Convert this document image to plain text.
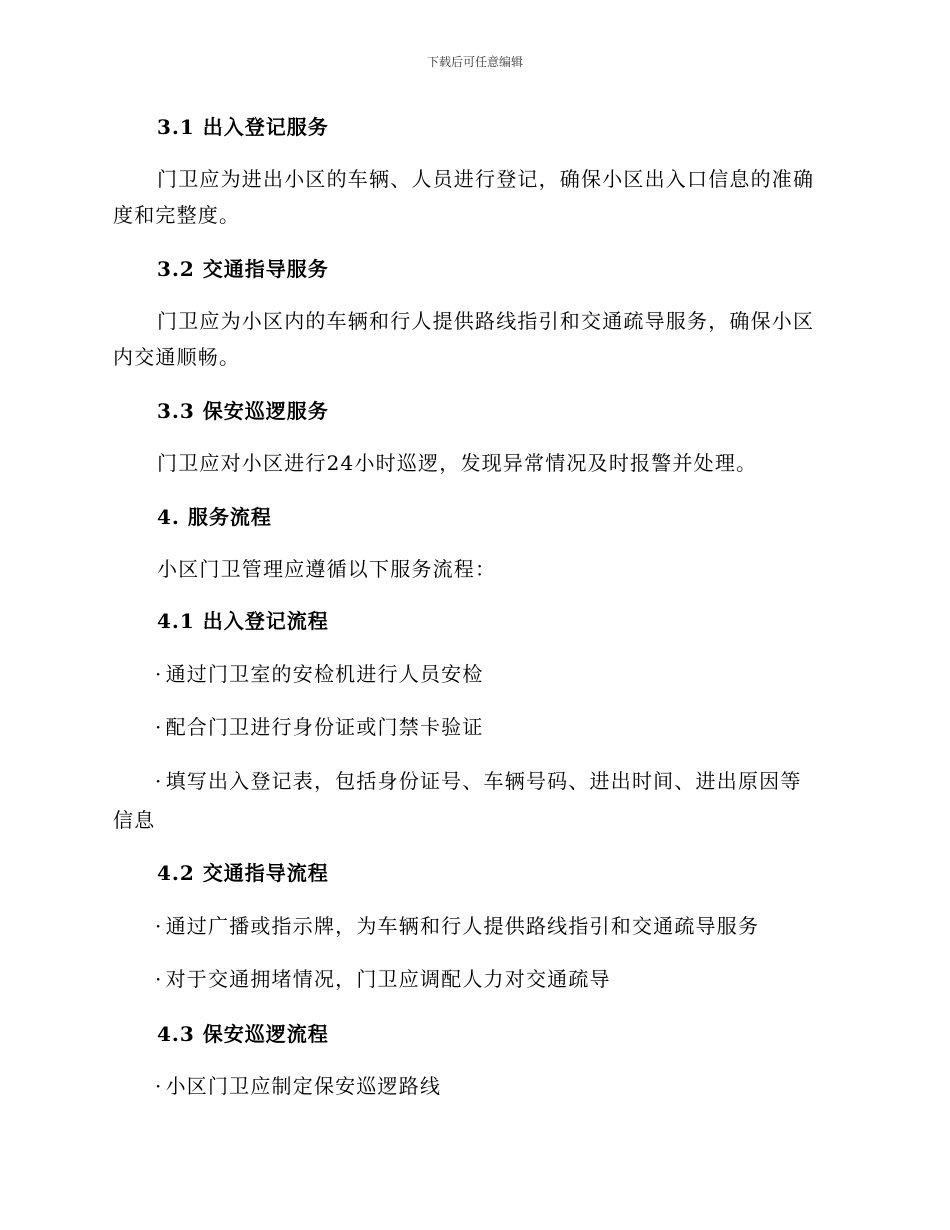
下载后可任意编辑
3.1 出入登记服务
门卫应为进出小区的车辆、人员进行登记，确保小区出入口信息的准确
度和完整度。
3.2 交通指导服务
门卫应为小区内的车辆和行人提供路线指引和交通疏导服务，确保小区
内交通顺畅。
3.3 保安巡逻服务
门卫应对小区进行24小时巡逻，发现异常情况及时报警并处理。
4. 服务流程
小区门卫管理应遵循以下服务流程：
4.1 出入登记流程
· 通过门卫室的安检机进行人员安检
· 配合门卫进行身份证或门禁卡验证
· 填写出入登记表，包括身份证号、车辆号码、进出时间、进出原因等
信息
4.2 交通指导流程
· 通过广播或指示牌，为车辆和行人提供路线指引和交通疏导服务
· 对于交通拥堵情况，门卫应调配人力对交通疏导
4.3 保安巡逻流程
· 小区门卫应制定保安巡逻路线
